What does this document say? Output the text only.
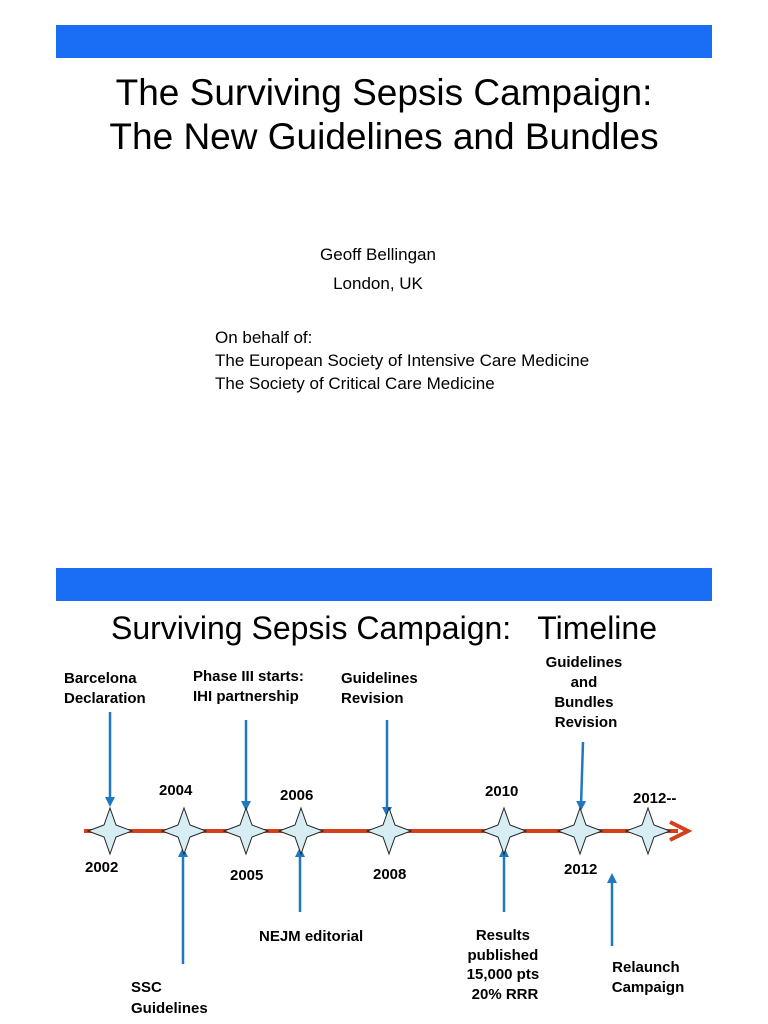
The Surviving Sepsis Campaign:
The New Guidelines and Bundles
Geoff Bellingan
London, UK
On behalf of:
The European Society of Intensive Care Medicine
The Society of Critical Care Medicine
Surviving Sepsis Campaign:   Timeline
2002
2004
2005
2006
2008
2010
2012
2012--
Barcelona Declaration
Phase III starts: IHI partnership
Guidelines Revision
Guidelines and Bundles Revision
SSC Guidelines
NEJM editorial	Results published 15,000 pts 20% RRR
Relaunch Campaign
